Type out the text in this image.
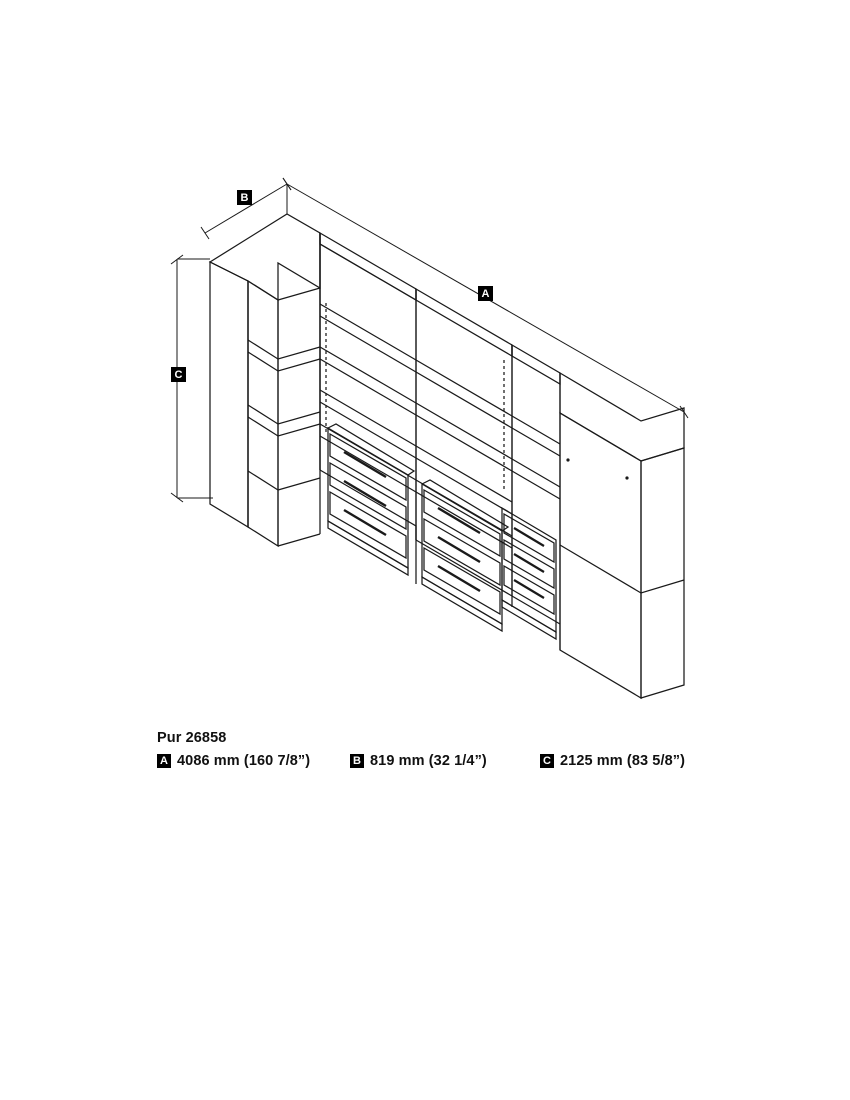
B
A
C
Pur 26858
A 4086 mm (160 7/8”)	B 819 mm (32 1/4”)	C 2125 mm (83 5/8”)
